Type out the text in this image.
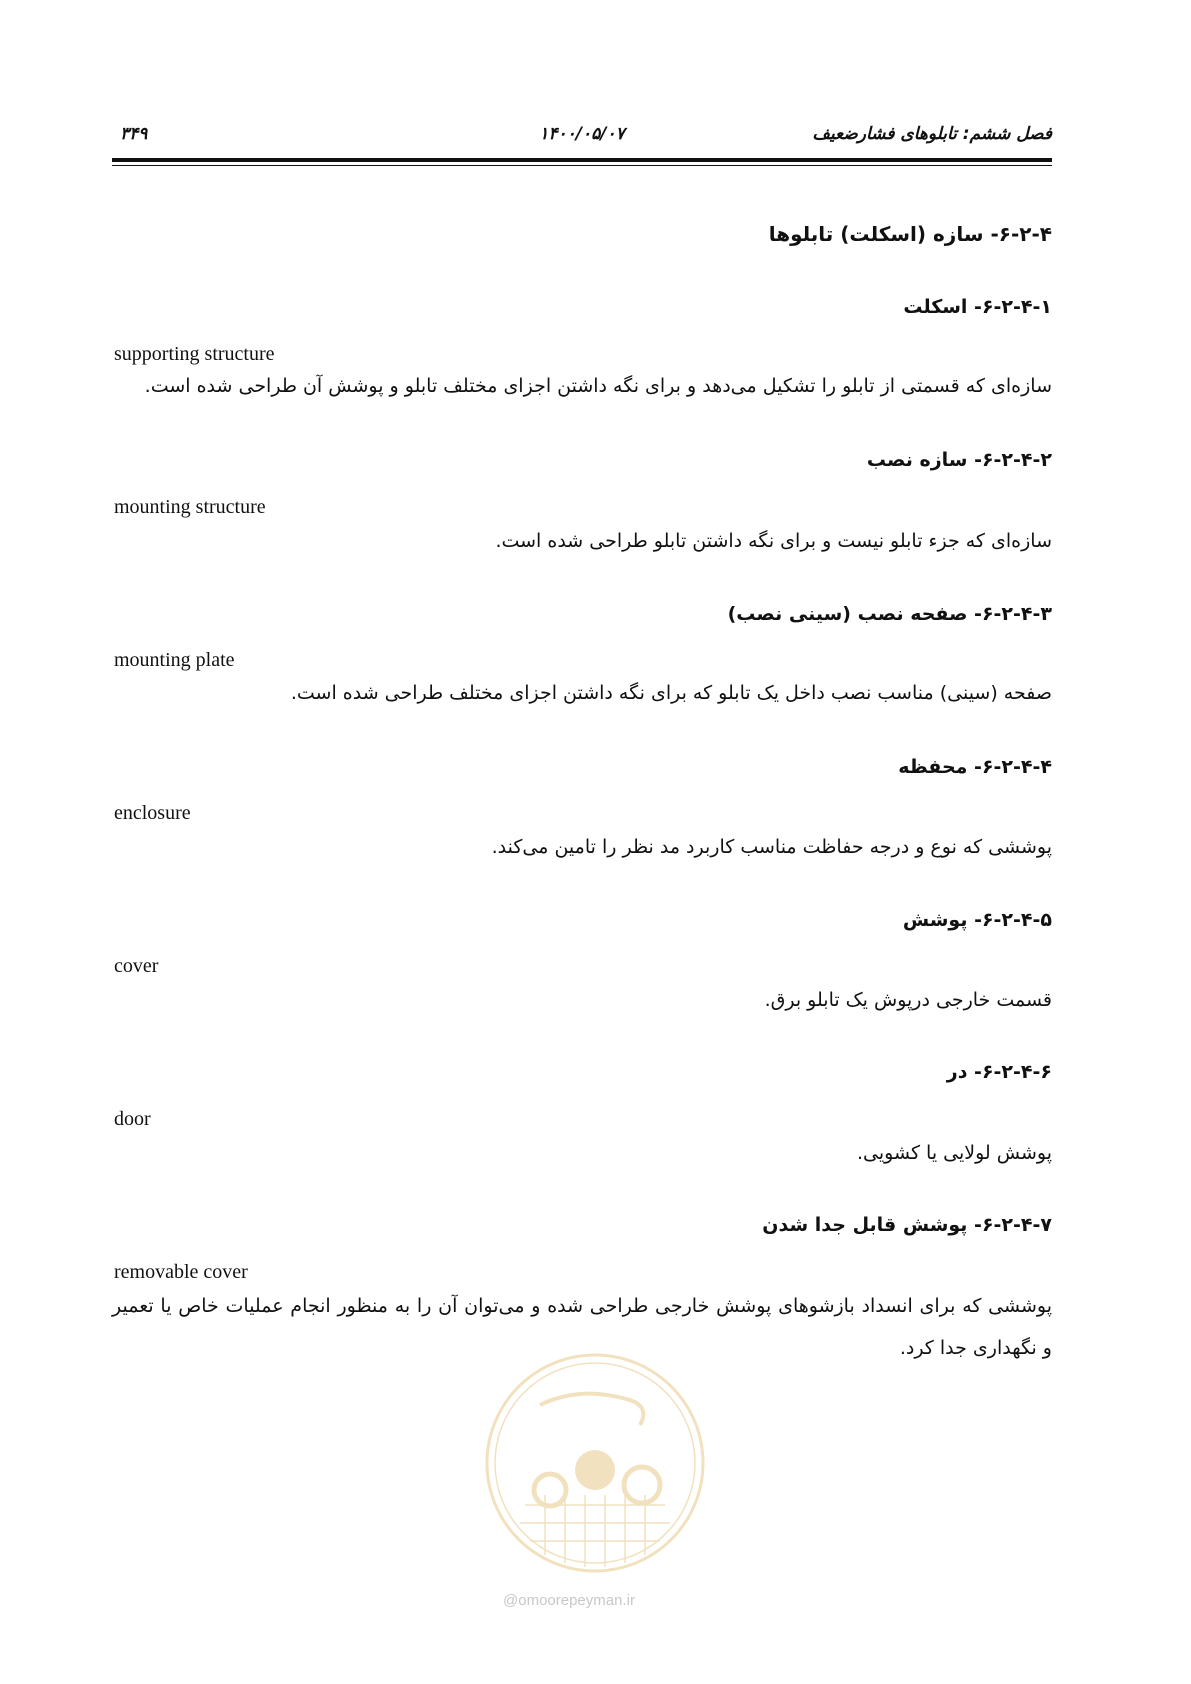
فصل ششم: تابلوهای فشارضعیف
۱۴۰۰/۰۵/۰۷
۳۴۹
۶-۲-۴- سازه (اسکلت) تابلوها
۶-۲-۴-۱- اسکلت
supporting structure
سازه‌ای که قسمتی از تابلو را تشکیل می‌دهد و برای نگه داشتن اجزای مختلف تابلو و پوشش آن طراحی شده است.
۶-۲-۴-۲- سازه نصب
mounting structure
سازه‌ای که جزء تابلو نیست و برای نگه داشتن تابلو طراحی شده است.
۶-۲-۴-۳- صفحه نصب (سینی نصب)
mounting plate
صفحه (سینی) مناسب نصب داخل یک تابلو که برای نگه داشتن اجزای مختلف طراحی شده است.
۶-۲-۴-۴- محفظه
enclosure
پوششی که نوع و درجه حفاظت مناسب کاربرد مد نظر را تامین می‌کند.
۶-۲-۴-۵- پوشش
cover
قسمت خارجی درپوش یک تابلو برق.
۶-۲-۴-۶- در
door
پوشش لولایی یا کشویی.
۶-۲-۴-۷- پوشش قابل جدا شدن
removable cover
پوششی که برای انسداد بازشوهای پوشش خارجی طراحی شده و می‌توان آن را به منظور انجام عملیات خاص یا تعمیر و نگهداری جدا کرد.
@omoorepeyman.ir
